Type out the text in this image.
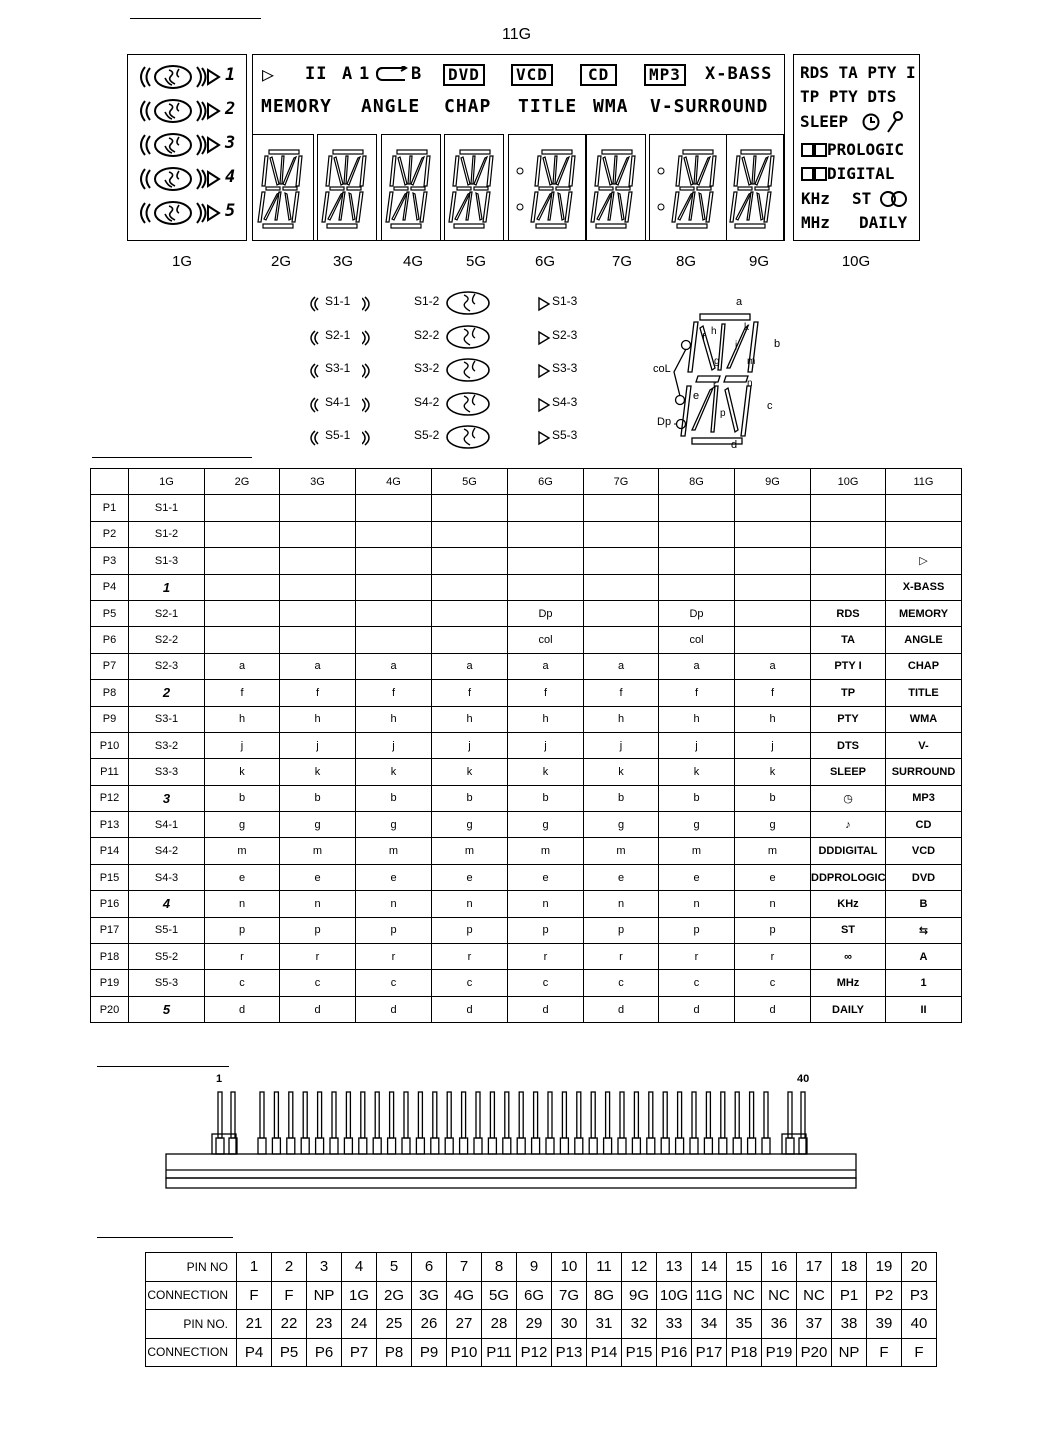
11G
1
2
3
4
5
▷ II A 1 B	DVD	VCD	CD	MP3 X-BASS
MEMORY ANGLE CHAP TITLE WMA V-SURROUND
RDS TA PTY I
TP PTY DTS
SLEEP
PROLOGIC
DIGITAL
KHz ST
MHz DAILY
1G	2G	3G	4G	5G	6G	7G	8G	9G	10G
S1-1	S1-2	S1-3
S2-1	S2-2	S2-3
S3-1	S3-2	S3-3
S4-1	S4-2	S4-3
S5-1	S5-2	S5-3
a
b
c
d
e
f
g
h
j
k
m
n
p
r
coL
Dp
	1G	2G	3G	4G	5G	6G	7G	8G	9G	10G	11G
P1	S1-1										
P2	S1-2										
P3	S1-3										▷
P4	1										X-BASS
P5	S2-1					Dp		Dp		RDS	MEMORY
P6	S2-2					col		col		TA	ANGLE
P7	S2-3	a	a	a	a	a	a	a	a	PTY I	CHAP
P8	2	f	f	f	f	f	f	f	f	TP	TITLE
P9	S3-1	h	h	h	h	h	h	h	h	PTY	WMA
P10	S3-2	j	j	j	j	j	j	j	j	DTS	V-
P11	S3-3	k	k	k	k	k	k	k	k	SLEEP	SURROUND
P12	3	b	b	b	b	b	b	b	b	◷	MP3
P13	S4-1	g	g	g	g	g	g	g	g	♪	CD
P14	S4-2	m	m	m	m	m	m	m	m	DDDIGITAL	VCD
P15	S4-3	e	e	e	e	e	e	e	e	DDPROLOGIC	DVD
P16	4	n	n	n	n	n	n	n	n	KHz	B
P17	S5-1	p	p	p	p	p	p	p	p	ST	⇆
P18	S5-2	r	r	r	r	r	r	r	r	∞	A
P19	S5-3	c	c	c	c	c	c	c	c	MHz	1
P20	5	d	d	d	d	d	d	d	d	DAILY	II
1	40
PIN NO	1	2	3	4	5	6	7	8	9	10	11	12	13	14	15	16	17	18	19	20
CONNECTION	F	F	NP	1G	2G	3G	4G	5G	6G	7G	8G	9G	10G	11G	NC	NC	NC	P1	P2	P3
PIN NO.	21	22	23	24	25	26	27	28	29	30	31	32	33	34	35	36	37	38	39	40
CONNECTION	P4	P5	P6	P7	P8	P9	P10	P11	P12	P13	P14	P15	P16	P17	P18	P19	P20	NP	F	F
